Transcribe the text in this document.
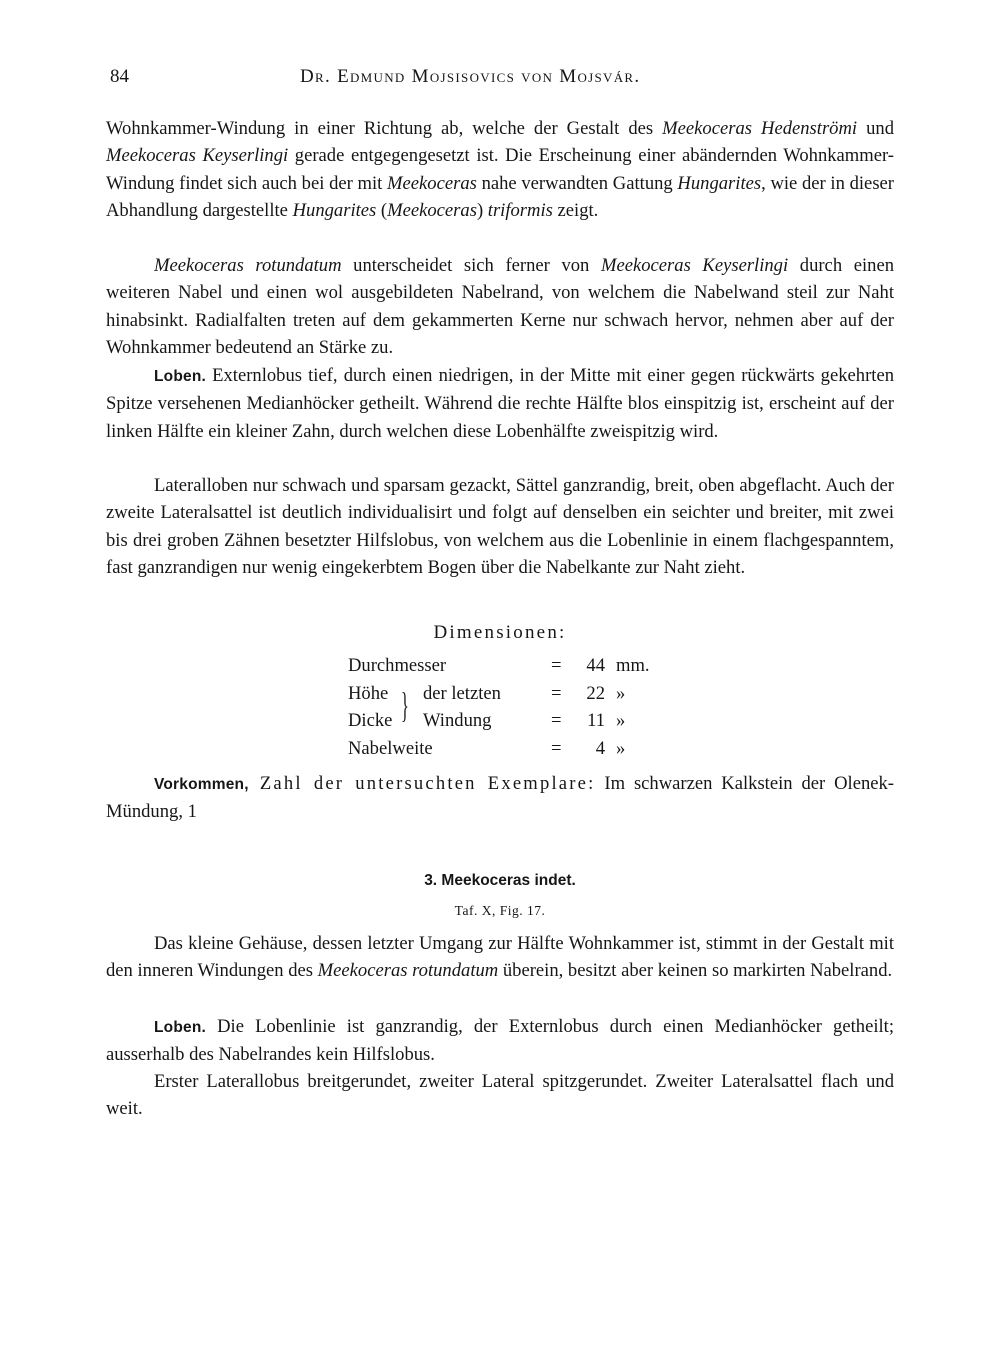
84	Dr. Edmund Mojsisovics von Mojsvár.

Wohnkammer-Windung in einer Richtung ab, welche der Gestalt des Meekoceras Hedenströmi und Meekoceras Keyserlingi gerade entgegengesetzt ist. Die Erscheinung einer abändernden Wohnkammer-Windung findet sich auch bei der mit Meekoceras nahe verwandten Gattung Hungarites, wie der in dieser Abhandlung dargestellte Hungarites (Meekoceras) triformis zeigt.

Meekoceras rotundatum unterscheidet sich ferner von Meekoceras Keyserlingi durch einen weiteren Nabel und einen wol ausgebildeten Nabelrand, von welchem die Nabelwand steil zur Naht hinabsinkt. Radialfalten treten auf dem gekammerten Kerne nur schwach hervor, nehmen aber auf der Wohnkammer bedeutend an Stärke zu.

Loben. Externlobus tief, durch einen niedrigen, in der Mitte mit einer gegen rückwärts gekehrten Spitze versehenen Medianhöcker getheilt. Während die rechte Hälfte blos einspitzig ist, erscheint auf der linken Hälfte ein kleiner Zahn, durch welchen diese Lobenhälfte zweispitzig wird.

Lateralloben nur schwach und sparsam gezackt, Sättel ganzrandig, breit, oben abgeflacht. Auch der zweite Lateralsattel ist deutlich individualisirt und folgt auf denselben ein seichter und breiter, mit zwei bis drei groben Zähnen besetzter Hilfslobus, von welchem aus die Lobenlinie in einem flachgespanntem, fast ganzrandigen nur wenig eingekerbtem Bogen über die Nabelkante zur Naht zieht.

Dimensionen:
Durchmesser	= 44 mm.
Höhe der letzten	= 22 »
Dicke Windung	= 11 »
Nabelweite	=	4 »
}

Vorkommen, Zahl der untersuchten Exemplare: Im schwarzen Kalkstein der Olenek-Mündung, 1

3. Meekoceras indet.
Taf. X, Fig. 17.

Das kleine Gehäuse, dessen letzter Umgang zur Hälfte Wohnkammer ist, stimmt in der Gestalt mit den inneren Windungen des Meekoceras rotundatum überein, besitzt aber keinen so markirten Nabelrand.

Loben. Die Lobenlinie ist ganzrandig, der Externlobus durch einen Medianhöcker getheilt; ausserhalb des Nabelrandes kein Hilfslobus.

Erster Laterallobus breitgerundet, zweiter Lateral spitzgerundet. Zweiter Lateralsattel flach und weit.
